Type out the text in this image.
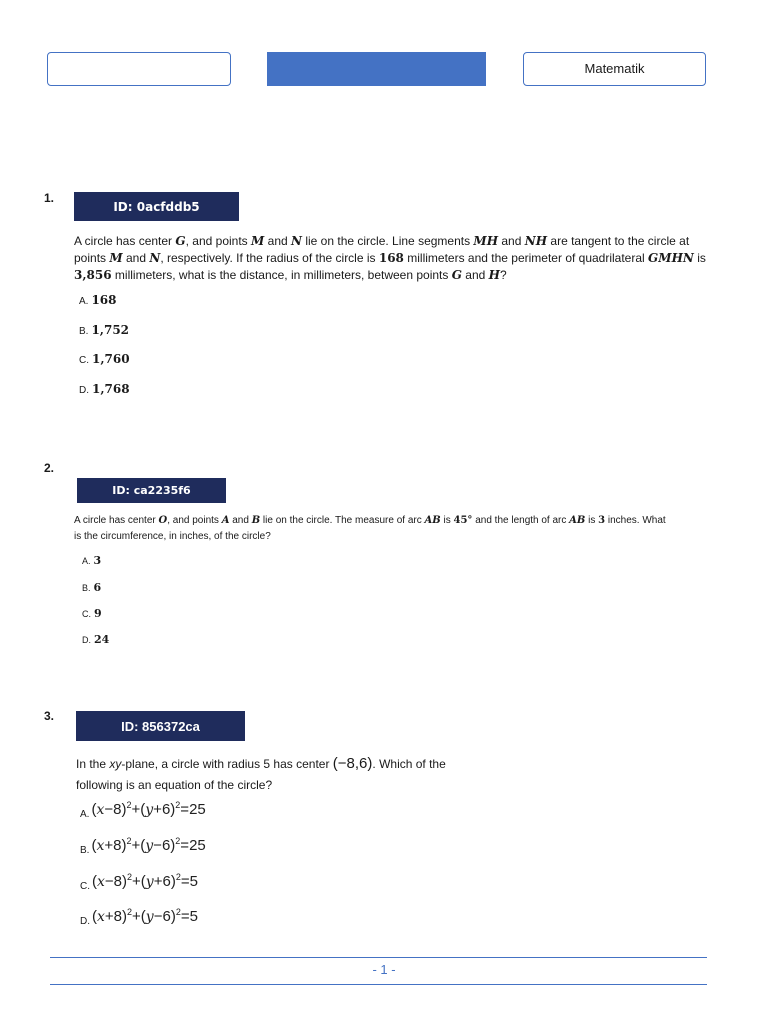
Matematik
1.
ID: 0acfddb5
A circle has center G, and points M and N lie on the circle. Line segments MH and NH are tangent to the circle at points M and N, respectively. If the radius of the circle is 168 millimeters and the perimeter of quadrilateral GMHN is 3,856 millimeters, what is the distance, in millimeters, between points G and H?
A. 168
B. 1,752
C. 1,760
D. 1,768
2.
ID: ca2235f6
A circle has center O, and points A and B lie on the circle. The measure of arc AB is 45° and the length of arc AB is 3 inches. What is the circumference, in inches, of the circle?
A. 3
B. 6
C. 9
D. 24
3.
ID: 856372ca
In the xy-plane, a circle with radius 5 has center (−8,6). Which of the
following is an equation of the circle?
$_{A.}$ $(x-8)^2+(y+6)^2=25$
$_{B.}$ $(x+8)^2+(y-6)^2=25$
$_{C.}$ $(x-8)^2+(y+6)^2=5$
$_{D.}$ $(x+8)^2+(y-6)^2=5$
- 1 -
